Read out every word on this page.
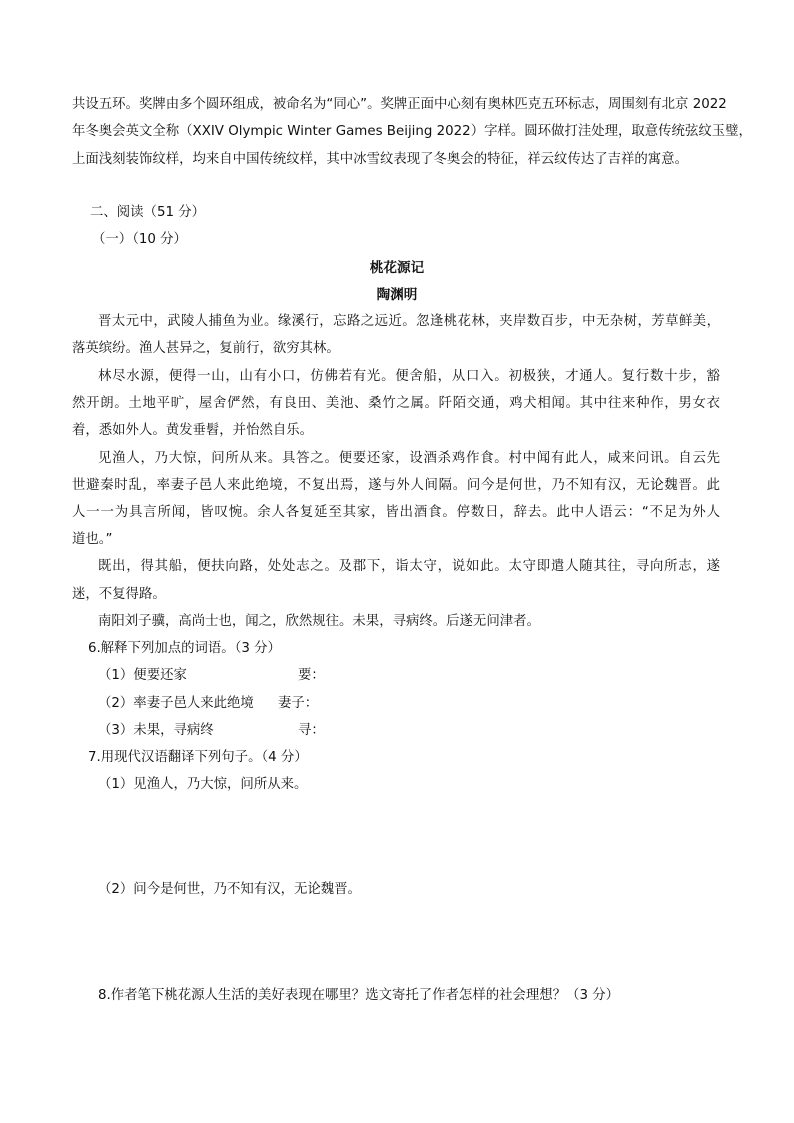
共设五环。奖牌由多个圆环组成，被命名为“同心”。奖牌正面中心刻有奥林匹克五环标志，周围刻有北京 2022
年冬奥会英文全称（XXIV Olympic Winter Games Beijing 2022）字样。圆环做打洼处理，取意传统弦纹玉璧，
上面浅刻装饰纹样，均来自中国传统纹样，其中冰雪纹表现了冬奥会的特征，祥云纹传达了吉祥的寓意。
二、阅读（51 分）
（一）（10 分）
桃花源记
陶渊明
晋太元中，武陵人捕鱼为业。缘溪行，忘路之远近。忽逢桃花林，夹岸数百步，中无杂树，芳草鲜美，
落英缤纷。渔人甚异之，复前行，欲穷其林。
林尽水源，便得一山，山有小口，仿佛若有光。便舍船，从口入。初极狭，才通人。复行数十步，豁
然开朗。土地平旷，屋舍俨然，有良田、美池、桑竹之属。阡陌交通，鸡犬相闻。其中往来种作，男女衣
着，悉如外人。黄发垂髫，并怡然自乐。
见渔人，乃大惊，问所从来。具答之。便要还家，设酒杀鸡作食。村中闻有此人，咸来问讯。自云先
世避秦时乱，率妻子邑人来此绝境，不复出焉，遂与外人间隔。问今是何世，乃不知有汉，无论魏晋。此
人一一为具言所闻，皆叹惋。余人各复延至其家，皆出酒食。停数日，辞去。此中人语云：“不足为外人
道也。”
既出，得其船，便扶向路，处处志之。及郡下，诣太守，说如此。太守即遣人随其往，寻向所志，遂
迷，不复得路。
南阳刘子骥，高尚士也，闻之，欣然规往。未果，寻病终。后遂无问津者。
6.解释下列加点的词语。（3 分）
（1）便要还家	要：
（2）率妻子邑人来此绝境 妻子：
（3）未果，寻病终	寻：
7.用现代汉语翻译下列句子。（4 分）
（1）见渔人，乃大惊，问所从来。
（2）问今是何世，乃不知有汉，无论魏晋。
8.作者笔下桃花源人生活的美好表现在哪里？选文寄托了作者怎样的社会理想？（3 分）
